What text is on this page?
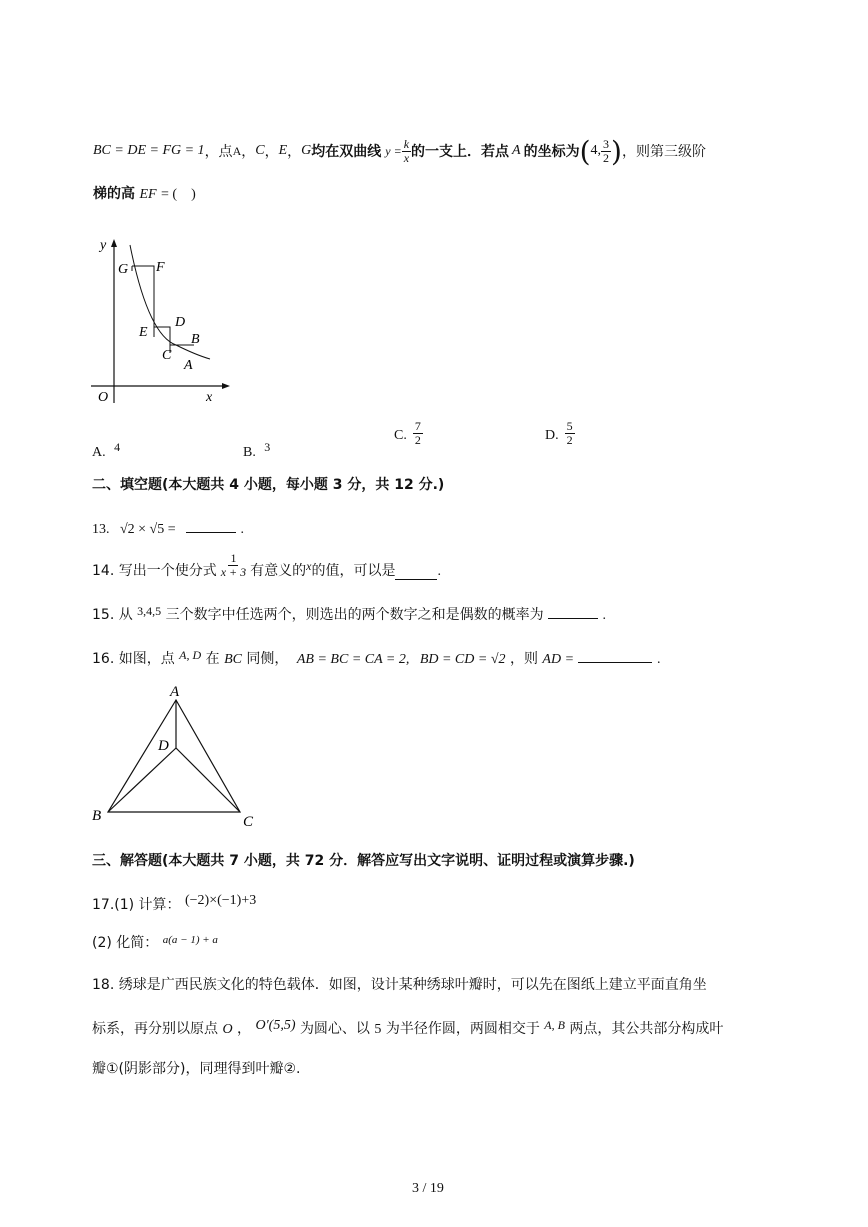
BC = DE = FG = 1 ，点 A ， C ， E ， G 均在双曲线 $y = \frac{k}{x}$ 的一支上．若点 A 的坐标为 ( 4, $\frac{3}{2}$ ) ，则第三级阶
梯的高 EF = (　)
y
G F
E
D
B
C
A
O	x
A. 4	B. 3
C. $\frac{7}{2}$	D. $\frac{5}{2}$
二、填空题(本大题共 4 小题，每小题 3 分，共 12 分.)
13. √2 × √5 =	.
14. 写出一个使分式 $\frac{1}{x + 3}$ 有意义的 x 的值，可以是	.
15. 从 3,4,5 三个数字中任选两个，则选出的两个数字之和是偶数的概率为	.
16. 如图，点 A, D 在 BC 同侧， AB = BC = CA = 2, BD = CD = √2 ，则 AD =	.
A
D
B	C
三、解答题(本大题共 7 小题，共 72 分．解答应写出文字说明、证明过程或演算步骤.)
17.(1) 计算： (−2)×(−1)+3
(2) 化简： $^{a(a - 1) + a}$
18. 绣球是广西民族文化的特色载体．如图，设计某种绣球叶瓣时，可以先在图纸上建立平面直角坐
标系，再分别以原点 O ， O′(5,5) 为圆心、以 5 为半径作圆，两圆相交于 A, B 两点，其公共部分构成叶
瓣①(阴影部分)，同理得到叶瓣②.
3 / 19
